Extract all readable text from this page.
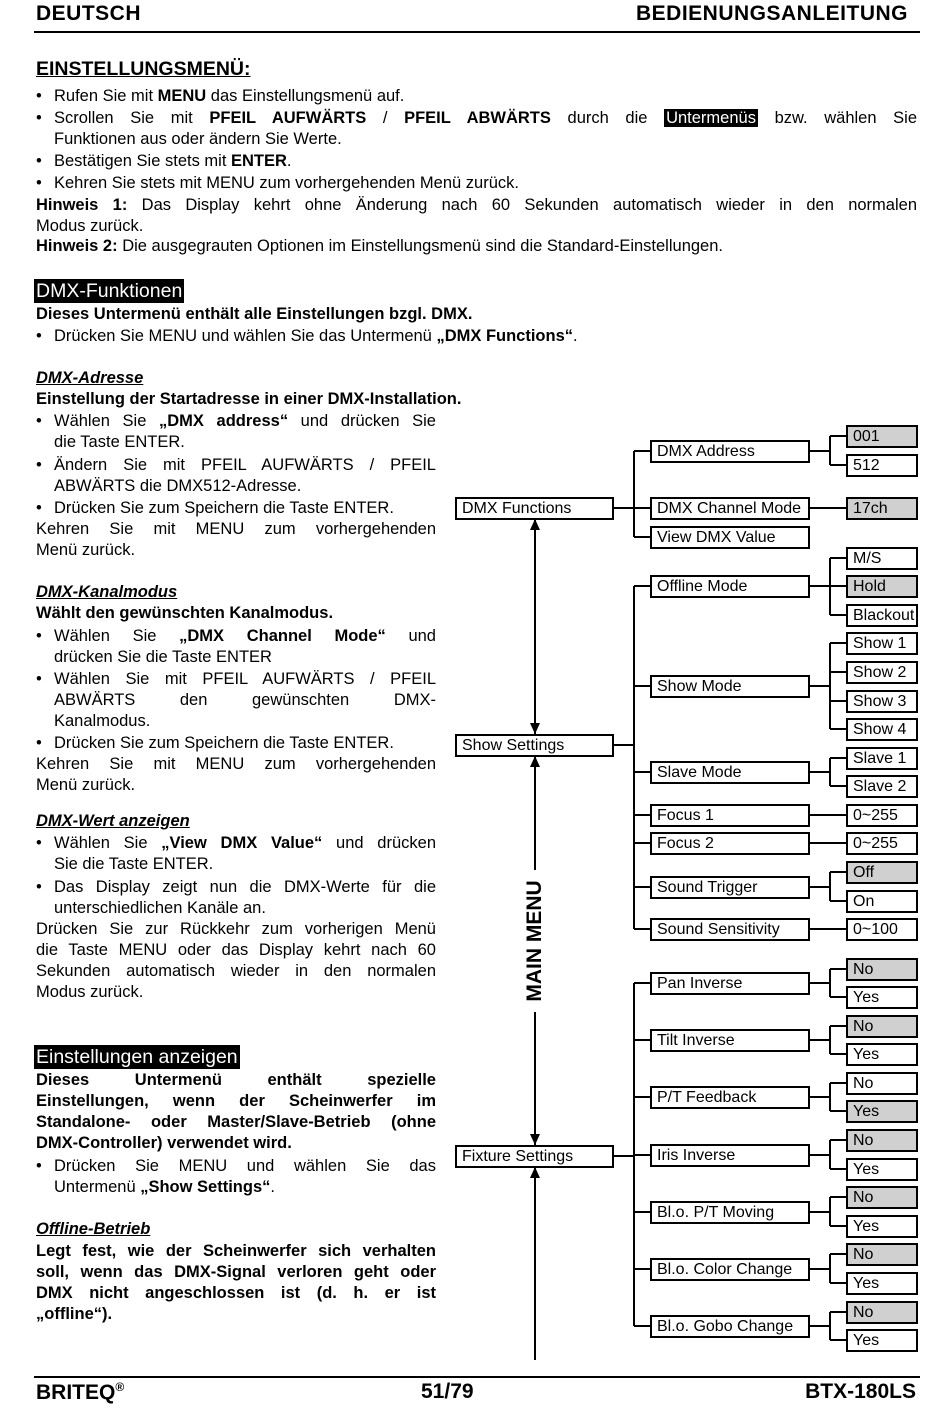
DEUTSCH	BEDIENUNGSANLEITUNG
EINSTELLUNGSMENÜ:
• Rufen Sie mit MENU das Einstellungsmenü auf.
• Scrollen Sie mit PFEIL AUFWÄRTS / PFEIL ABWÄRTS durch die Untermenüs bzw. wählen Sie
Funktionen aus oder ändern Sie Werte.
• Bestätigen Sie stets mit ENTER.
• Kehren Sie stets mit MENU zum vorhergehenden Menü zurück.
Hinweis 1: Das Display kehrt ohne Änderung nach 60 Sekunden automatisch wieder in den normalen
Modus zurück.
Hinweis 2: Die ausgegrauten Optionen im Einstellungsmenü sind die Standard-Einstellungen.
DMX-Funktionen
Dieses Untermenü enthält alle Einstellungen bzgl. DMX.
• Drücken Sie MENU und wählen Sie das Untermenü „DMX Functions“.
DMX-Adresse
Einstellung der Startadresse in einer DMX-Installation.
• Wählen Sie „DMX address“ und drücken Sie
die Taste ENTER.
• Ändern Sie mit PFEIL AUFWÄRTS / PFEIL
ABWÄRTS die DMX512-Adresse.
• Drücken Sie zum Speichern die Taste ENTER.
Kehren Sie mit MENU zum vorhergehenden
Menü zurück.
DMX-Kanalmodus
Wählt den gewünschten Kanalmodus.
• Wählen Sie „DMX Channel Mode“ und
drücken Sie die Taste ENTER
• Wählen Sie mit PFEIL AUFWÄRTS / PFEIL
ABWÄRTS den gewünschten DMX-
Kanalmodus.
• Drücken Sie zum Speichern die Taste ENTER.
Kehren Sie mit MENU zum vorhergehenden
Menü zurück.
DMX-Wert anzeigen
• Wählen Sie „View DMX Value“ und drücken
Sie die Taste ENTER.
• Das Display zeigt nun die DMX-Werte für die
unterschiedlichen Kanäle an.
Drücken Sie zur Rückkehr zum vorherigen Menü
die Taste MENU oder das Display kehrt nach 60
Sekunden automatisch wieder in den normalen
Modus zurück.
Einstellungen anzeigen
Dieses Untermenü enthält spezielle
Einstellungen, wenn der Scheinwerfer im
Standalone- oder Master/Slave-Betrieb (ohne
DMX-Controller) verwendet wird.
• Drücken Sie MENU und wählen Sie das
Untermenü „Show Settings“.
Offline-Betrieb
Legt fest, wie der Scheinwerfer sich verhalten
soll, wenn das DMX-Signal verloren geht oder
DMX nicht angeschlossen ist (d. h. er ist
„offline“).
MAIN MENU
DMX Functions
Show Settings
Fixture Settings
DMX Address
DMX Channel Mode
View DMX Value
Offline Mode
Show Mode
Slave Mode
Focus 1
Focus 2
Sound Trigger
Sound Sensitivity
Pan Inverse
Tilt Inverse
P/T Feedback
Iris Inverse
Bl.o. P/T Moving
Bl.o. Color Change
Bl.o. Gobo Change
001
512
17ch
M/S
Hold
Blackout
Show 1
Show 2
Show 3
Show 4
Slave 1
Slave 2
0~255
0~255
Off
On
0~100
No
Yes
No
Yes
No
Yes
No
Yes
No
Yes
No
Yes
No
Yes
BRITEQ®	51/79	BTX-180LS
